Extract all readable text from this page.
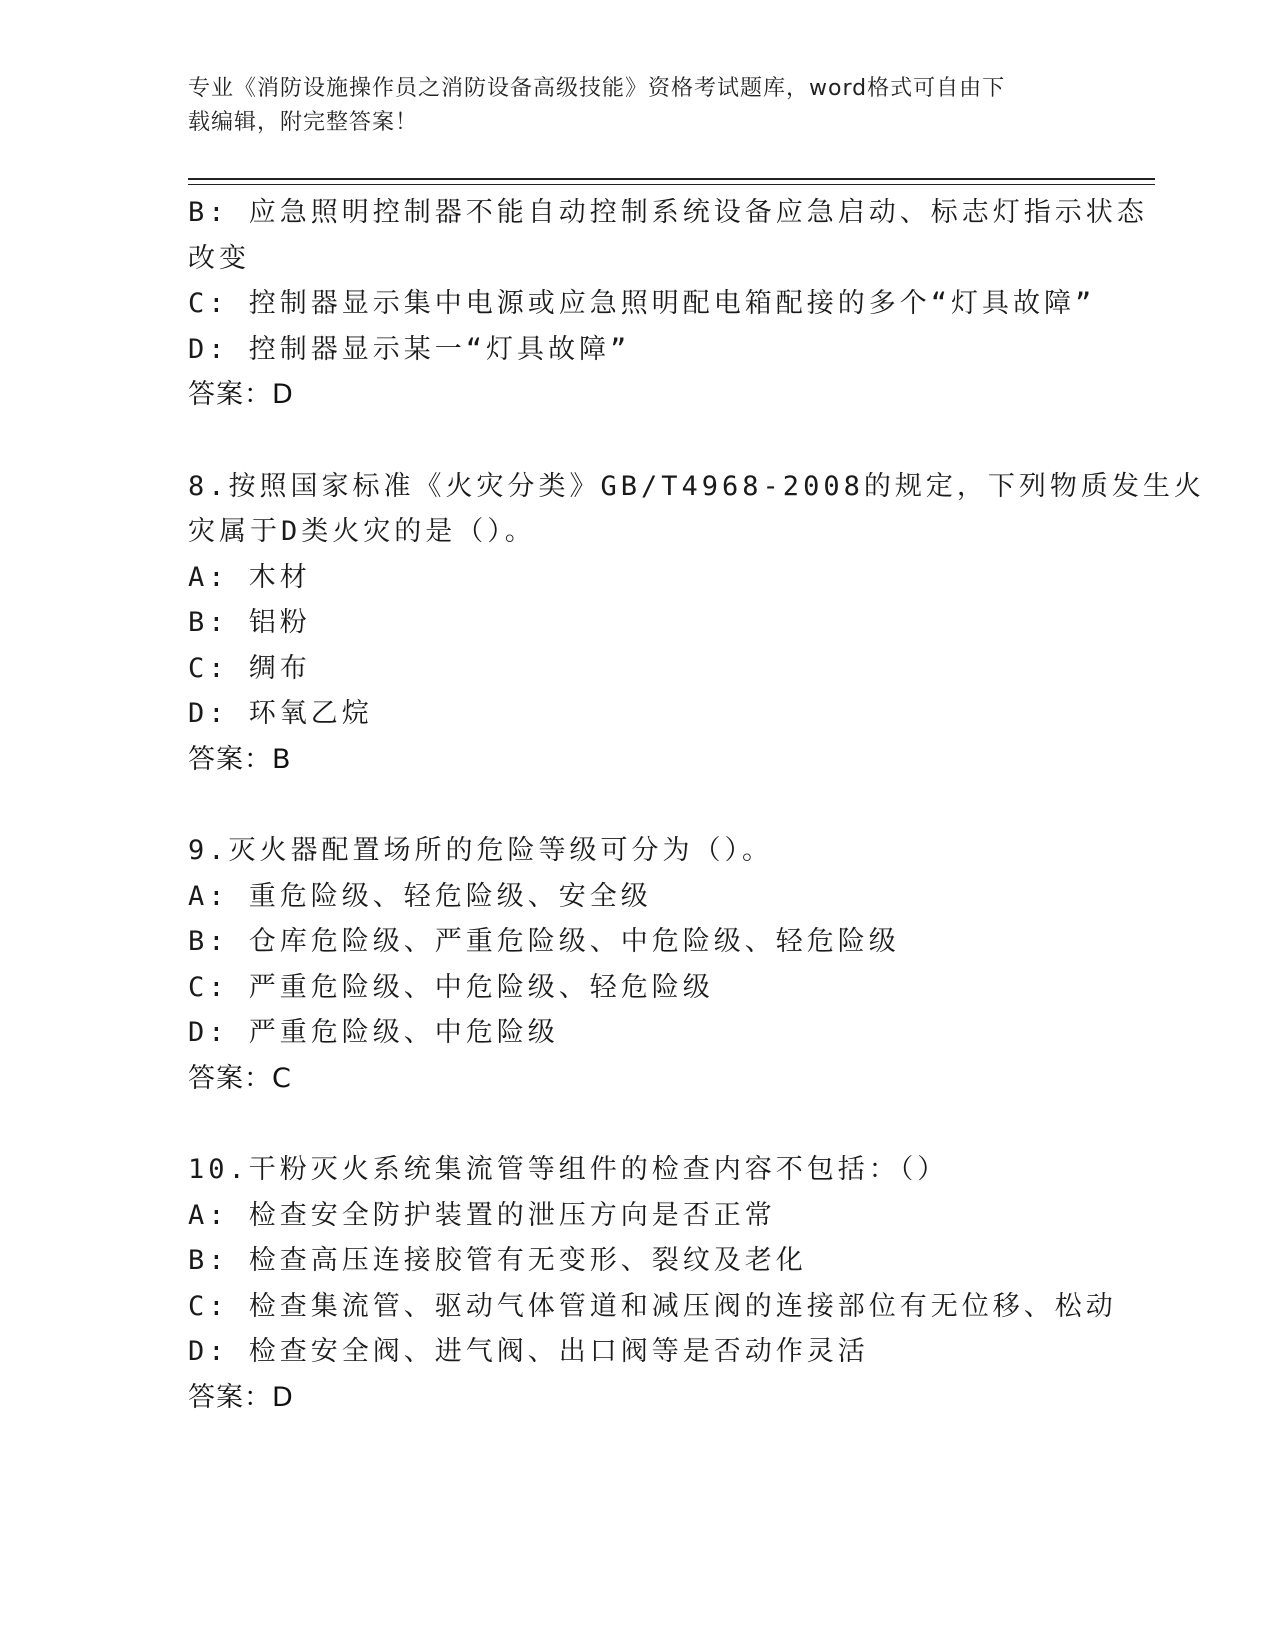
专业《消防设施操作员之消防设备高级技能》资格考试题库，word格式可自由下
载编辑，附完整答案！
B: 应急照明控制器不能自动控制系统设备应急启动、标志灯指示状态
改变
C: 控制器显示集中电源或应急照明配电箱配接的多个“灯具故障”
D: 控制器显示某一“灯具故障”
答案：D
8.按照国家标准《火灾分类》GB/T4968-2008的规定，下列物质发生火
灾属于D类火灾的是（）。
A: 木材
B: 铝粉
C: 绸布
D: 环氧乙烷
答案：B
9.灭火器配置场所的危险等级可分为（）。
A: 重危险级、轻危险级、安全级
B: 仓库危险级、严重危险级、中危险级、轻危险级
C: 严重危险级、中危险级、轻危险级
D: 严重危险级、中危险级
答案：C
10.干粉灭火系统集流管等组件的检查内容不包括：（）
A: 检查安全防护装置的泄压方向是否正常
B: 检查高压连接胶管有无变形、裂纹及老化
C: 检查集流管、驱动气体管道和减压阀的连接部位有无位移、松动
D: 检查安全阀、进气阀、出口阀等是否动作灵活
答案：D
